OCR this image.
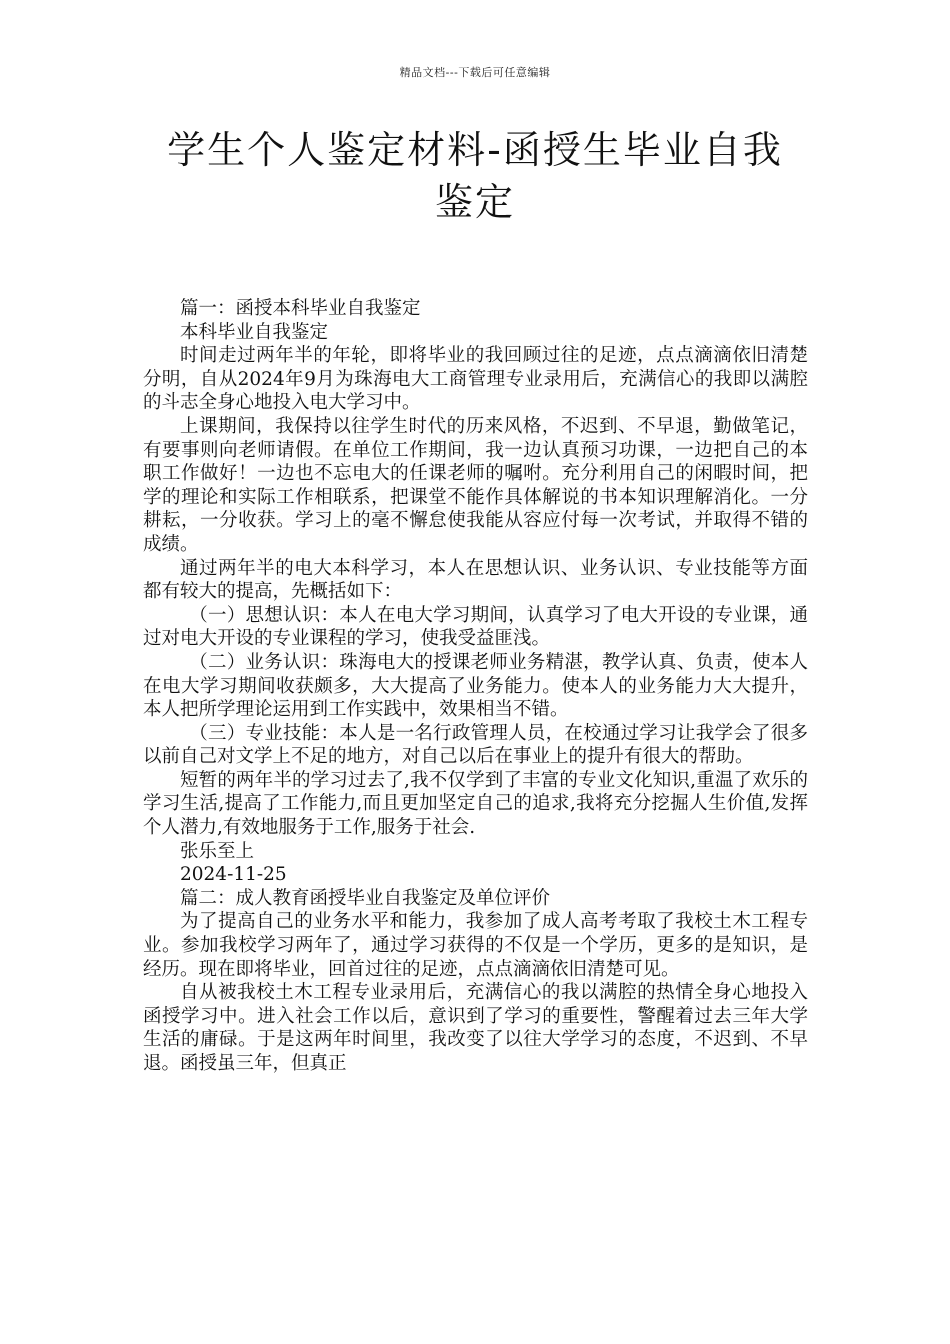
精品文档---下载后可任意编辑
学生个人鉴定材料-函授生毕业自我鉴定

篇一：函授本科毕业自我鉴定

本科毕业自我鉴定

时间走过两年半的年轮，即将毕业的我回顾过往的足迹，点点滴滴依旧清楚分明，自从2024年9月为珠海电大工商管理专业录用后，充满信心的我即以满腔的斗志全身心地投入电大学习中。

上课期间，我保持以往学生时代的历来风格，不迟到、不早退，勤做笔记，有要事则向老师请假。在单位工作期间，我一边认真预习功课，一边把自己的本职工作做好！一边也不忘电大的任课老师的嘱咐。充分利用自己的闲暇时间，把学的理论和实际工作相联系，把课堂不能作具体解说的书本知识理解消化。一分耕耘，一分收获。学习上的毫不懈怠使我能从容应付每一次考试，并取得不错的成绩。

通过两年半的电大本科学习，本人在思想认识、业务认识、专业技能等方面都有较大的提高，先概括如下：

（一）思想认识：本人在电大学习期间，认真学习了电大开设的专业课，通过对电大开设的专业课程的学习，使我受益匪浅。

（二）业务认识：珠海电大的授课老师业务精湛，教学认真、负责，使本人在电大学习期间收获颇多，大大提高了业务能力。使本人的业务能力大大提升，本人把所学理论运用到工作实践中，效果相当不错。

（三）专业技能：本人是一名行政管理人员，在校通过学习让我学会了很多以前自己对文学上不足的地方，对自己以后在事业上的提升有很大的帮助。

短暂的两年半的学习过去了,我不仅学到了丰富的专业文化知识,重温了欢乐的学习生活,提高了工作能力,而且更加坚定自己的追求,我将充分挖掘人生价值,发挥个人潜力,有效地服务于工作,服务于社会.

张乐至上

2024-11-25

篇二：成人教育函授毕业自我鉴定及单位评价

为了提高自己的业务水平和能力，我参加了成人高考考取了我校土木工程专业。参加我校学习两年了，通过学习获得的不仅是一个学历，更多的是知识，是经历。现在即将毕业，回首过往的足迹，点点滴滴依旧清楚可见。

自从被我校土木工程专业录用后，充满信心的我以满腔的热情全身心地投入函授学习中。进入社会工作以后，意识到了学习的重要性，警醒着过去三年大学生活的庸碌。于是这两年时间里，我改变了以往大学学习的态度，不迟到、不早退。函授虽三年，但真正
